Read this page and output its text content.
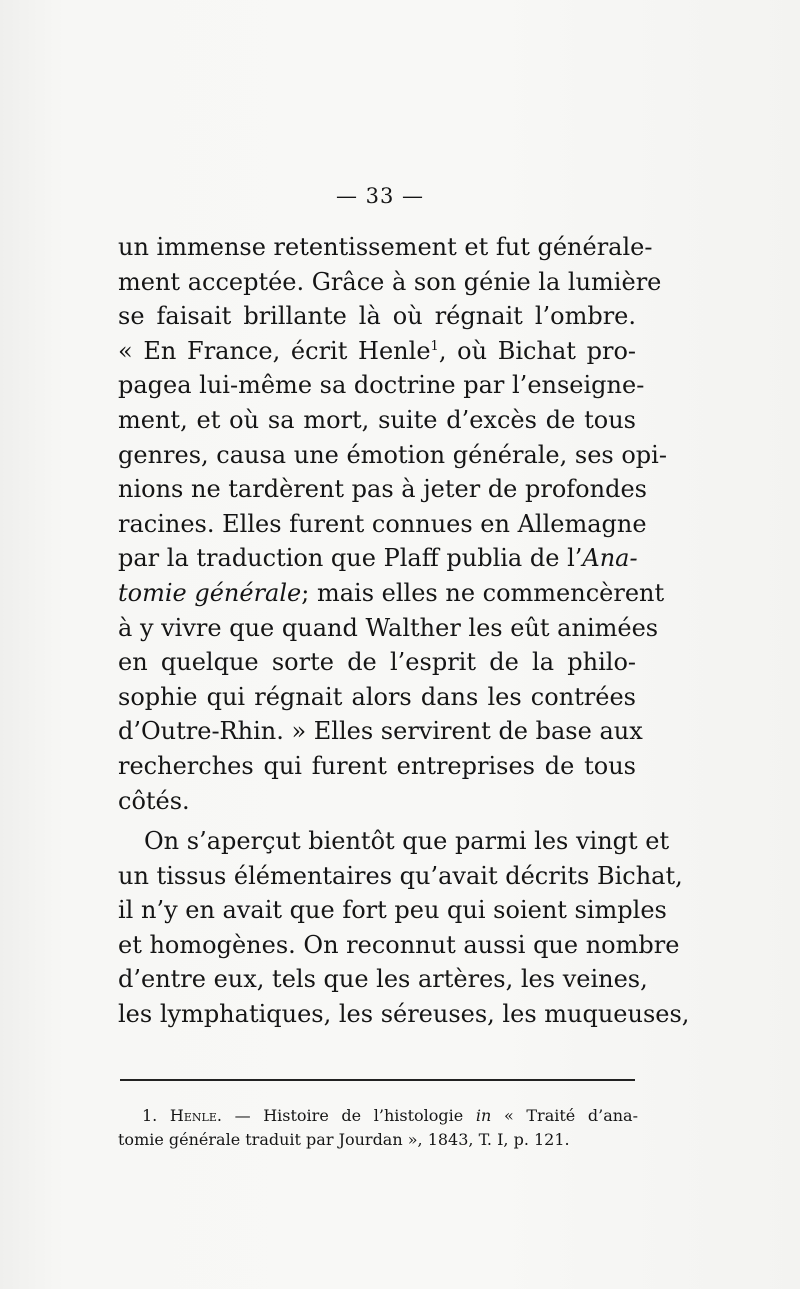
— 33 —
un immense retentissement et fut générale-
ment acceptée. Grâce à son génie la lumière
se faisait brillante là où régnait l’ombre.
« En France, écrit Henle$^1$, où Bichat pro-
pagea lui-même sa doctrine par l’enseigne-
ment, et où sa mort, suite d’excès de tous
genres, causa une émotion générale, ses opi-
nions ne tardèrent pas à jeter de profondes
racines. Elles furent connues en Allemagne
par la traduction que Plaff publia de l’Ana-
tomie générale; mais elles ne commencèrent
à y vivre que quand Walther les eût animées
en quelque sorte de l’esprit de la philo-
sophie qui régnait alors dans les contrées
d’Outre-Rhin. » Elles servirent de base aux
recherches qui furent entreprises de tous
côtés.
On s’aperçut bientôt que parmi les vingt et
un tissus élémentaires qu’avait décrits Bichat,
il n’y en avait que fort peu qui soient simples
et homogènes. On reconnut aussi que nombre
d’entre eux, tels que les artères, les veines,
les lymphatiques, les séreuses, les muqueuses,
1. Henle. — Histoire de l’histologie in « Traité d’ana-
tomie générale traduit par Jourdan », 1843, T. I, p. 121.
